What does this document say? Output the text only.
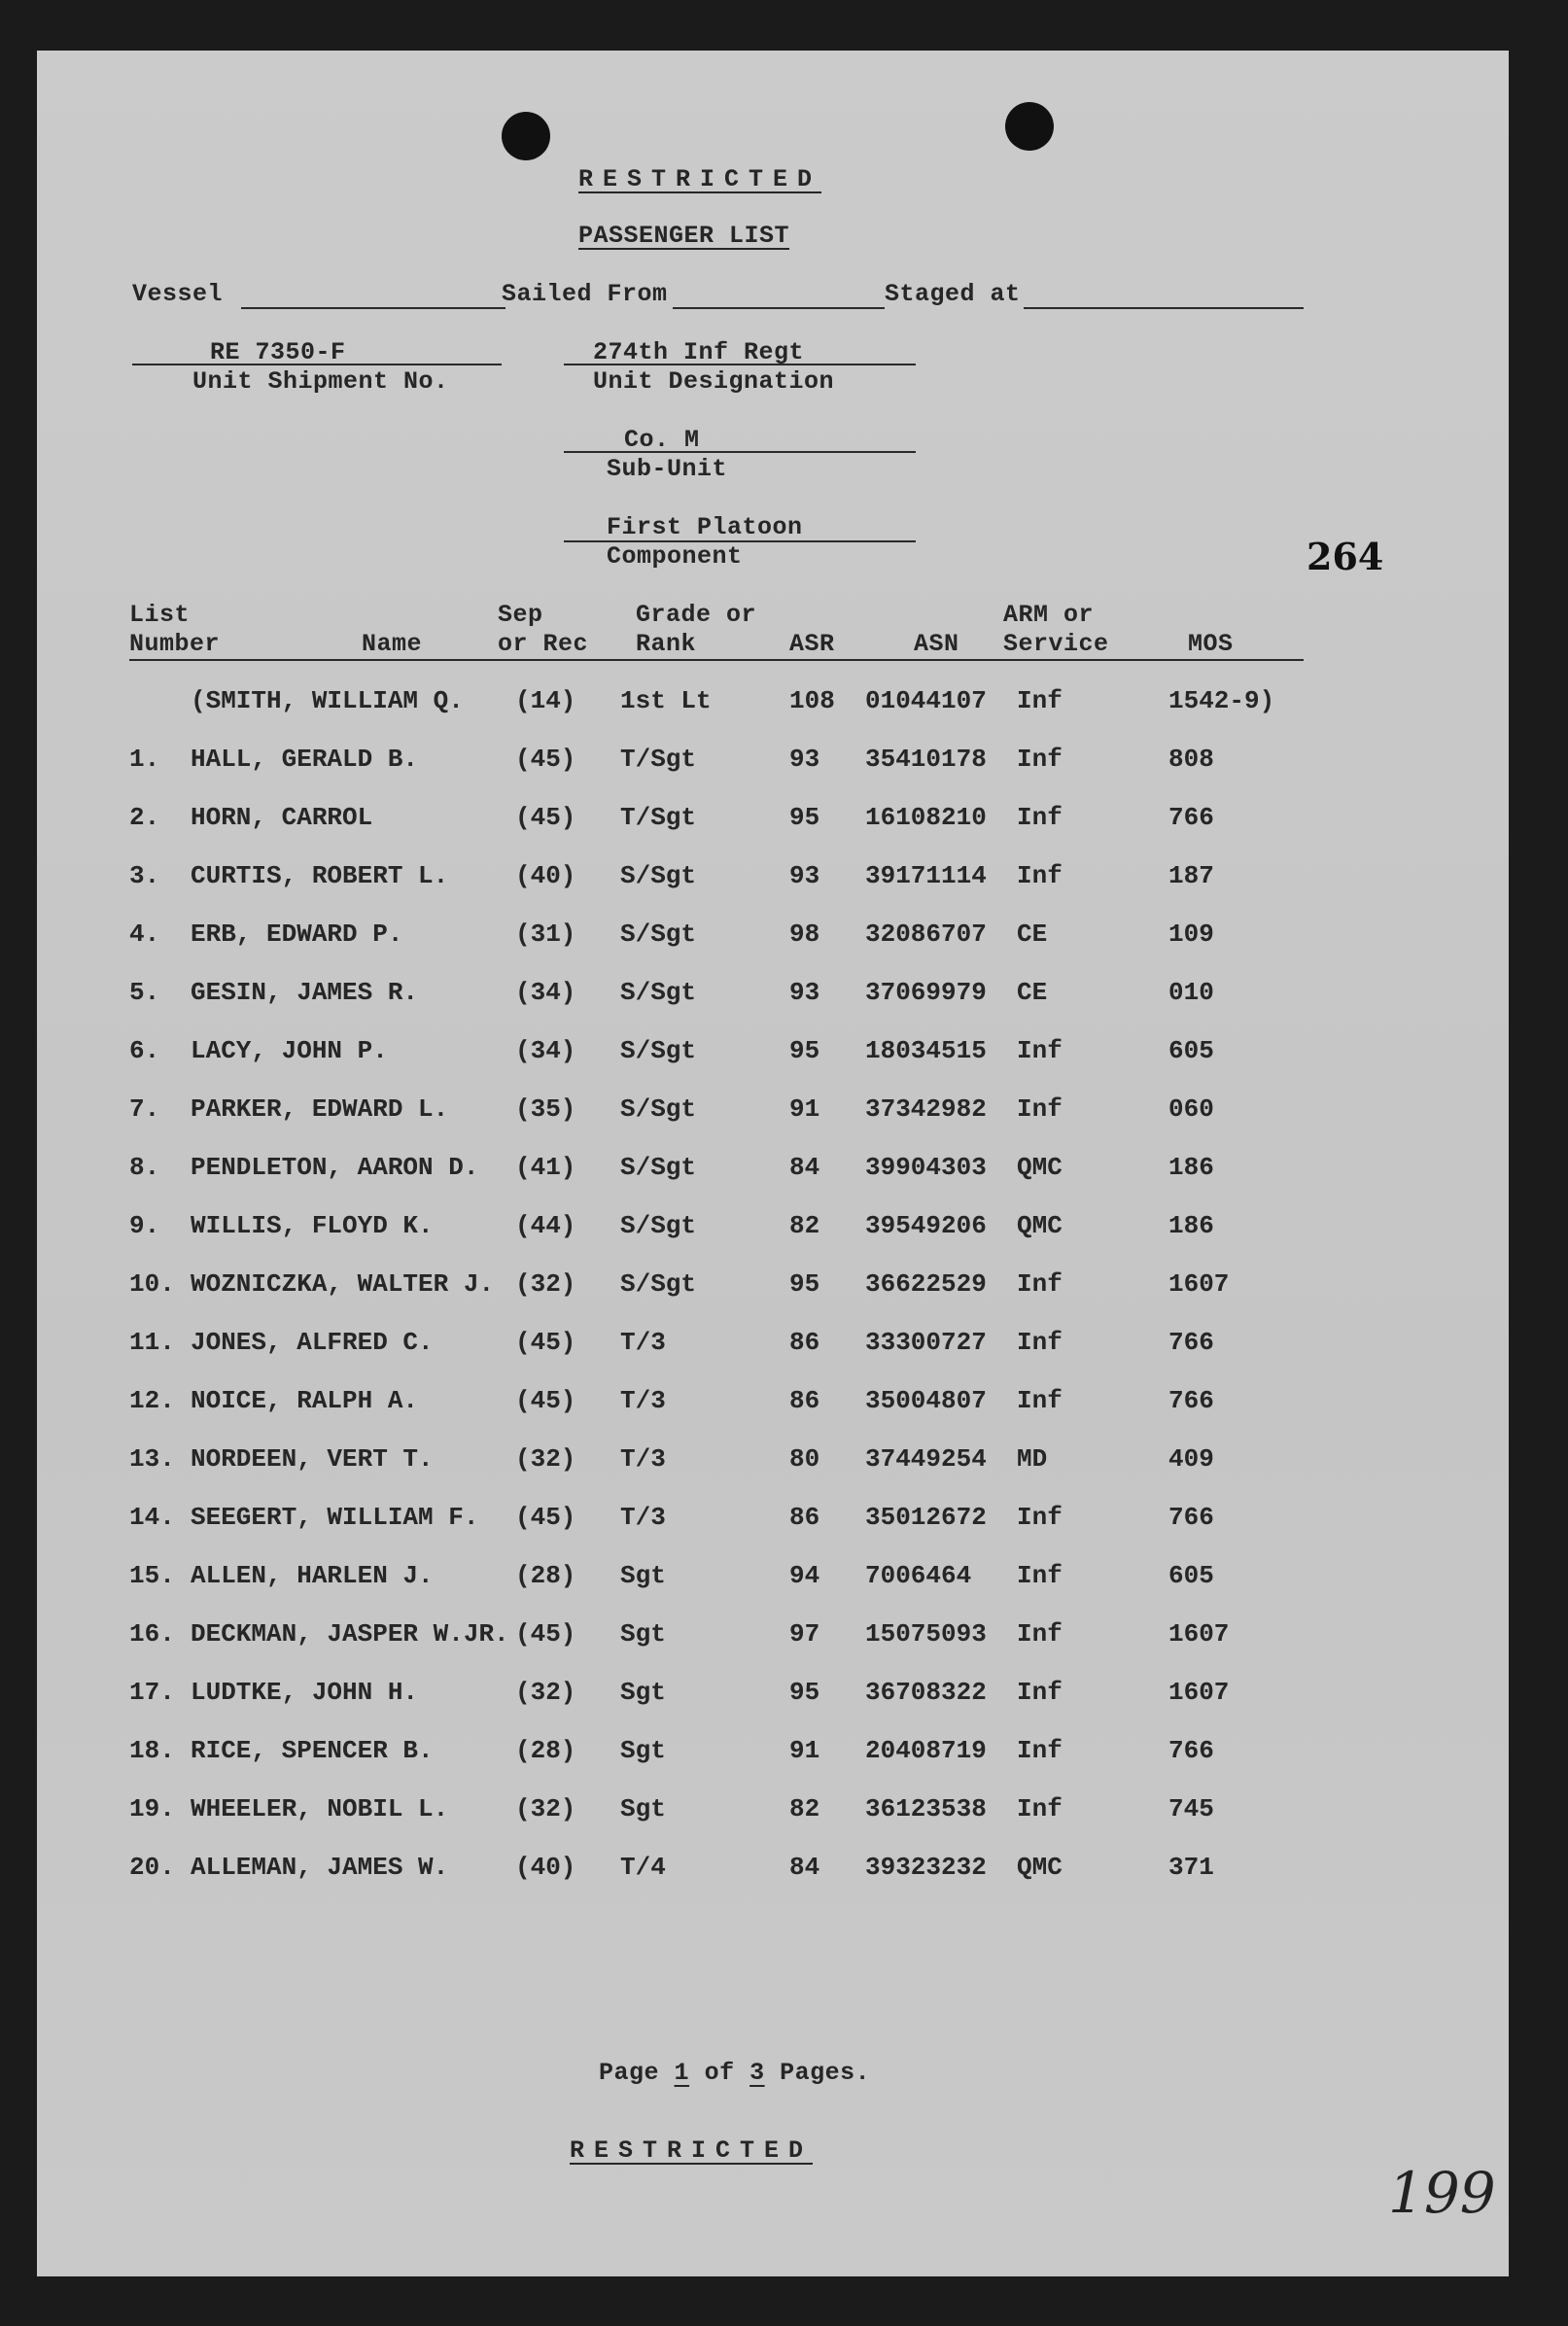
RESTRICTED
PASSENGER LIST
Vessel	Sailed From	Staged at
RE 7350-F
Unit Shipment No.
274th Inf Regt
Unit Designation
Co. M
Sub-Unit
First Platoon
Component	264
List
Number	Name
Sep
or Rec
Grade or
Rank	ASR	ASN
ARM or
Service	MOS
(SMITH, WILLIAM Q. (14) 1st Lt	108 01044107 Inf	1542-9)
1. HALL, GERALD B.	(45) T/Sgt	93 35410178 Inf	808
2. HORN, CARROL	(45) T/Sgt	95 16108210 Inf	766
3. CURTIS, ROBERT L.	(40) S/Sgt	93 39171114 Inf	187
4. ERB, EDWARD P.	(31) S/Sgt	98 32086707 CE	109
5. GESIN, JAMES R.	(34) S/Sgt	93 37069979 CE	010
6. LACY, JOHN P.	(34) S/Sgt	95 18034515 Inf	605
7. PARKER, EDWARD L.	(35) S/Sgt	91 37342982 Inf	060
8. PENDLETON, AARON D. (41) S/Sgt	84 39904303 QMC	186
9. WILLIS, FLOYD K.	(44) S/Sgt	82 39549206 QMC	186
10. WOZNICZKA, WALTER J. (32) S/Sgt	95 36622529 Inf	1607
11. JONES, ALFRED C.	(45) T/3	86 33300727 Inf	766
12. NOICE, RALPH A.	(45) T/3	86 35004807 Inf	766
13. NORDEEN, VERT T.	(32) T/3	80 37449254 MD	409
14. SEEGERT, WILLIAM F. (45) T/3	86 35012672 Inf	766
15. ALLEN, HARLEN J.	(28) Sgt	94 7006464 Inf	605
16. DECKMAN, JASPER W.JR. (45) Sgt	97 15075093 Inf	1607
17. LUDTKE, JOHN H.	(32) Sgt	95 36708322 Inf	1607
18. RICE, SPENCER B.	(28) Sgt	91 20408719 Inf	766
19. WHEELER, NOBIL L.	(32) Sgt	82 36123538 Inf	745
20. ALLEMAN, JAMES W.	(40) T/4	84 39323232 QMC	371
Page 1 of 3 Pages.
RESTRICTED
199
